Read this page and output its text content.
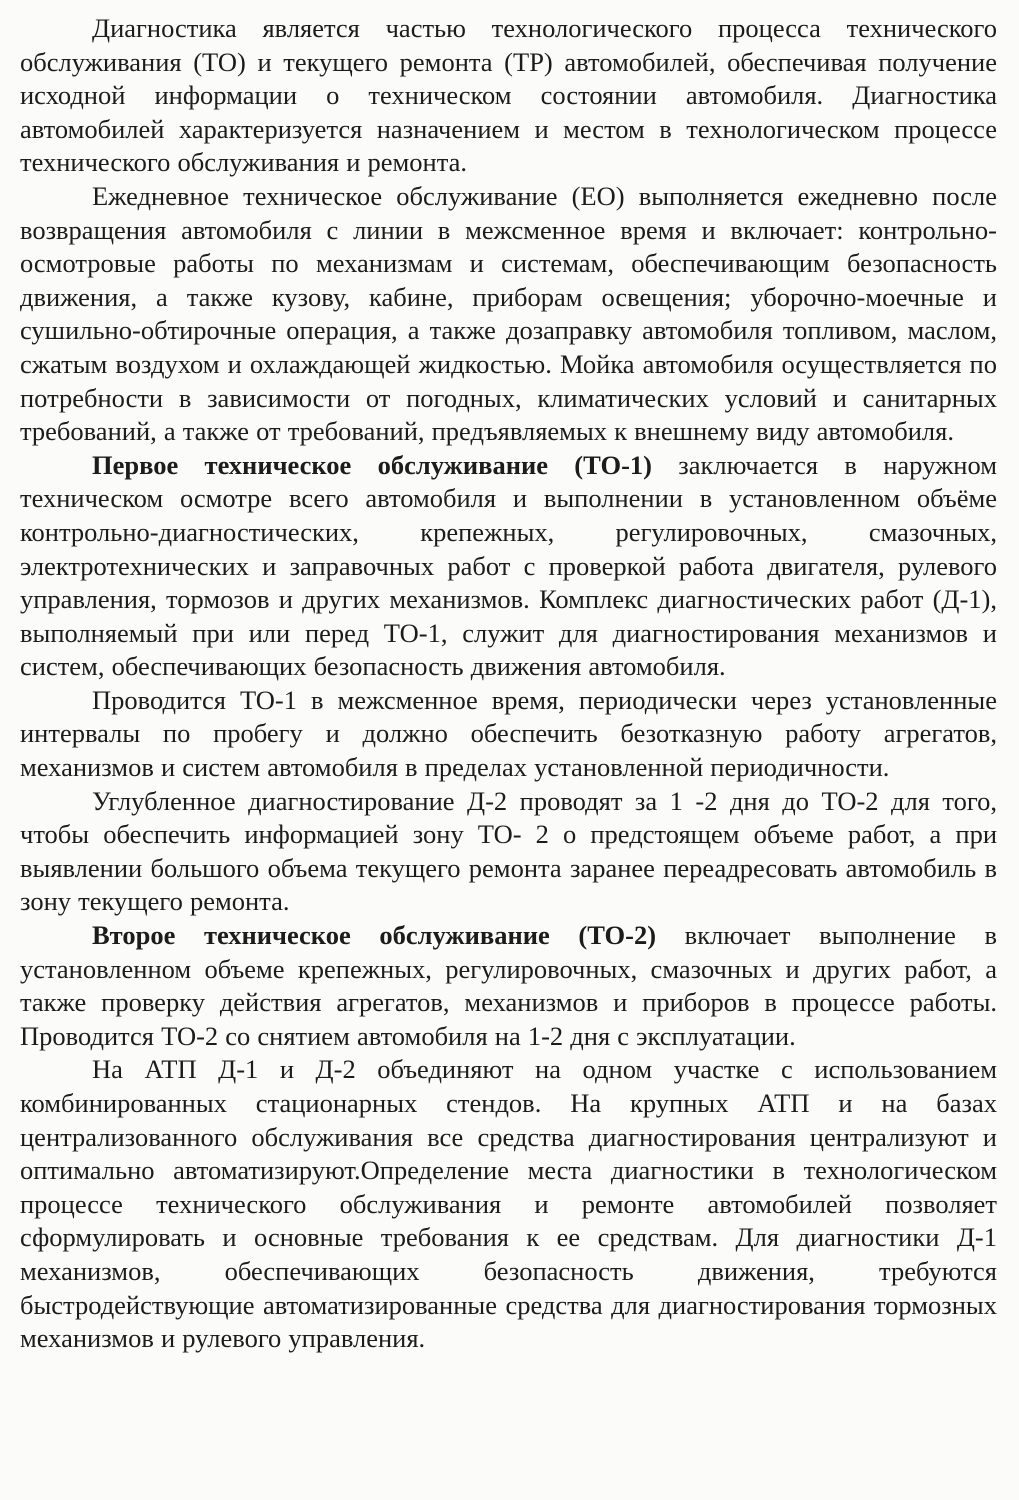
Диагностика является частью технологического процесса технического обслуживания (ТО) и текущего ремонта (ТР) автомобилей, обеспечивая получение исходной информации о техническом состоянии автомобиля. Диагностика автомобилей характеризуется назначением и местом в технологическом процессе технического обслуживания и ремонта.

Ежедневное техническое обслуживание (ЕО) выполняется ежедневно после возвращения автомобиля с линии в межсменное время и включает: контрольно-осмотровые работы по механизмам и системам, обеспечивающим безопасность движения, а также кузову, кабине, приборам освещения; уборочно-моечные и сушильно-обтирочные операция, а также дозаправку автомобиля топливом, маслом, сжатым воздухом и охлаждающей жидкостью. Мойка автомобиля осуществляется по потребности в зависимости от погодных, климатических условий и санитарных требований, а также от требований, предъявляемых к внешнему виду автомобиля.

Первое техническое обслуживание (ТО-1) заключается в наружном техническом осмотре всего автомобиля и выполнении в установленном объёме контрольно-диагностических, крепежных, регулировочных, смазочных, электротехнических и заправочных работ с проверкой работа двигателя, рулевого управления, тормозов и других механизмов. Комплекс диагностических работ (Д-1), выполняемый при или перед ТО-1, служит для диагностирования механизмов и систем, обеспечивающих безопасность движения автомобиля.

Проводится ТО-1 в межсменное время, периодически через установленные интервалы по пробегу и должно обеспечить безотказную работу агрегатов, механизмов и систем автомобиля в пределах установленной периодичности.

Углубленное диагностирование Д-2 проводят за 1 -2 дня до ТО-2 для того, чтобы обеспечить информацией зону ТО- 2 о предстоящем объеме работ, а при выявлении большого объема текущего ремонта заранее переадресовать автомобиль в зону текущего ремонта.

Второе техническое обслуживание (ТО-2) включает выполнение в установленном объеме крепежных, регулировочных, смазочных и других работ, а также проверку действия агрегатов, механизмов и приборов в процессе работы. Проводится ТО-2 со снятием автомобиля на 1-2 дня с эксплуатации.

На АТП Д-1 и Д-2 объединяют на одном участке с использованием комбинированных стационарных стендов. На крупных АТП и на базах централизованного обслуживания все средства диагностирования централизуют и оптимально автоматизируют.Определение места диагностики в технологическом процессе технического обслуживания и ремонте автомобилей позволяет сформулировать и основные требования к ее средствам. Для диагностики Д-1 механизмов, обеспечивающих безопасность движения, требуются быстродействующие автоматизированные средства для диагностирования тормозных механизмов и рулевого управления.
